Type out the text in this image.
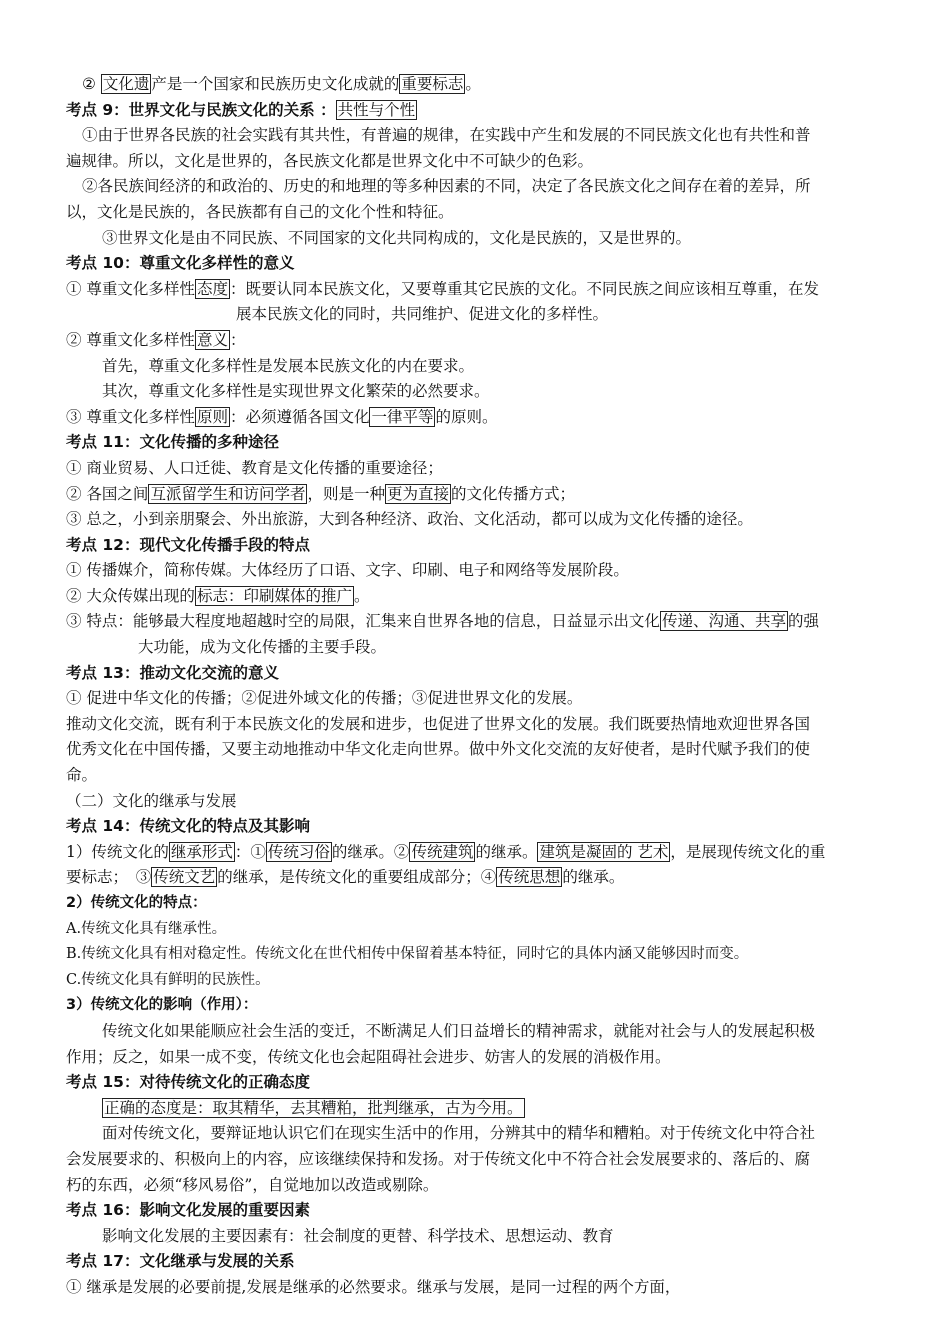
② 文化遗 产是一个国家和民族历史文化成就的 重要标志 。
考点 9：世界文化与民族文化的关系 ： 共性与个性
①由于世界各民族的社会实践有其共性，有普遍的规律，在实践中产生和发展的不同民族文化也有共性和普
遍规律。所以，文化是世界的，各民族文化都是世界文化中不可缺少的色彩。
②各民族间经济的和政治的、历史的和地理的等多种因素的不同，决定了各民族文化之间存在着的差异，所
以，文化是民族的，各民族都有自己的文化个性和特征。
③世界文化是由不同民族、不同国家的文化共同构成的，文化是民族的，又是世界的。
考点 10：尊重文化多样性的意义
① 尊重文化多样性 态度 ：既要认同本民族文化，又要尊重其它民族的文化。不同民族之间应该相互尊重，在发
展本民族文化的同时，共同维护、促进文化的多样性。
② 尊重文化多样性 意义 ：
首先，尊重文化多样性是发展本民族文化的内在要求。
其次，尊重文化多样性是实现世界文化繁荣的必然要求。
③ 尊重文化多样性 原则 ：必须遵循各国文化 一律平等 的原则。
考点 11：文化传播的多种途径
① 商业贸易、人口迁徙、教育是文化传播的重要途径；
② 各国之间 互派留学生和访问学者 ，则是一种 更为直接 的文化传播方式；
③ 总之，小到亲朋聚会、外出旅游，大到各种经济、政治、文化活动，都可以成为文化传播的途径。
考点 12：现代文化传播手段的特点
① 传播媒介，简称传媒。大体经历了口语、文字、印刷、电子和网络等发展阶段。
② 大众传媒出现的 标志：印刷媒体的推广 。
③ 特点：能够最大程度地超越时空的局限，汇集来自世界各地的信息，日益显示出文化 传递、沟通、共享 的强
大功能，成为文化传播的主要手段。
考点 13：推动文化交流的意义
① 促进中华文化的传播；②促进外域文化的传播；③促进世界文化的发展。
推动文化交流，既有利于本民族文化的发展和进步，也促进了世界文化的发展。我们既要热情地欢迎世界各国
优秀文化在中国传播，又要主动地推动中华文化走向世界。做中外文化交流的友好使者，是时代赋予我们的使
命。
（二）文化的继承与发展
考点 14：传统文化的特点及其影响
1）传统文化的 继承形式 ：① 传统习俗 的继承。② 传统建筑 的继承。 建筑是凝固的 艺术 ，是展现传统文化的重
要标志；　③ 传统文艺 的继承，是传统文化的重要组成部分；④ 传统思想 的继承。
2）传统文化的特点：
A.传统文化具有继承性。
B.传统文化具有相对稳定性。传统文化在世代相传中保留着基本特征，同时它的具体内涵又能够因时而变。
C.传统文化具有鲜明的民族性。
3）传统文化的影响（作用）：
传统文化如果能顺应社会生活的变迁，不断满足人们日益增长的精神需求，就能对社会与人的发展起积极
作用；反之，如果一成不变，传统文化也会起阻碍社会进步、妨害人的发展的消极作用。
考点 15：对待传统文化的正确态度
正确的态度是：取其精华，去其糟粕，批判继承，古为今用。
面对传统文化，要辩证地认识它们在现实生活中的作用，分辨其中的精华和糟粕。对于传统文化中符合社
会发展要求的、积极向上的内容，应该继续保持和发扬。对于传统文化中不符合社会发展要求的、落后的、腐
朽的东西，必须“移风易俗”，自觉地加以改造或剔除。
考点 16：影响文化发展的重要因素
影响文化发展的主要因素有：社会制度的更替、科学技术、思想运动、教育
考点 17：文化继承与发展的关系
① 继承是发展的必要前提,发展是继承的必然要求。继承与发展，是同一过程的两个方面，
